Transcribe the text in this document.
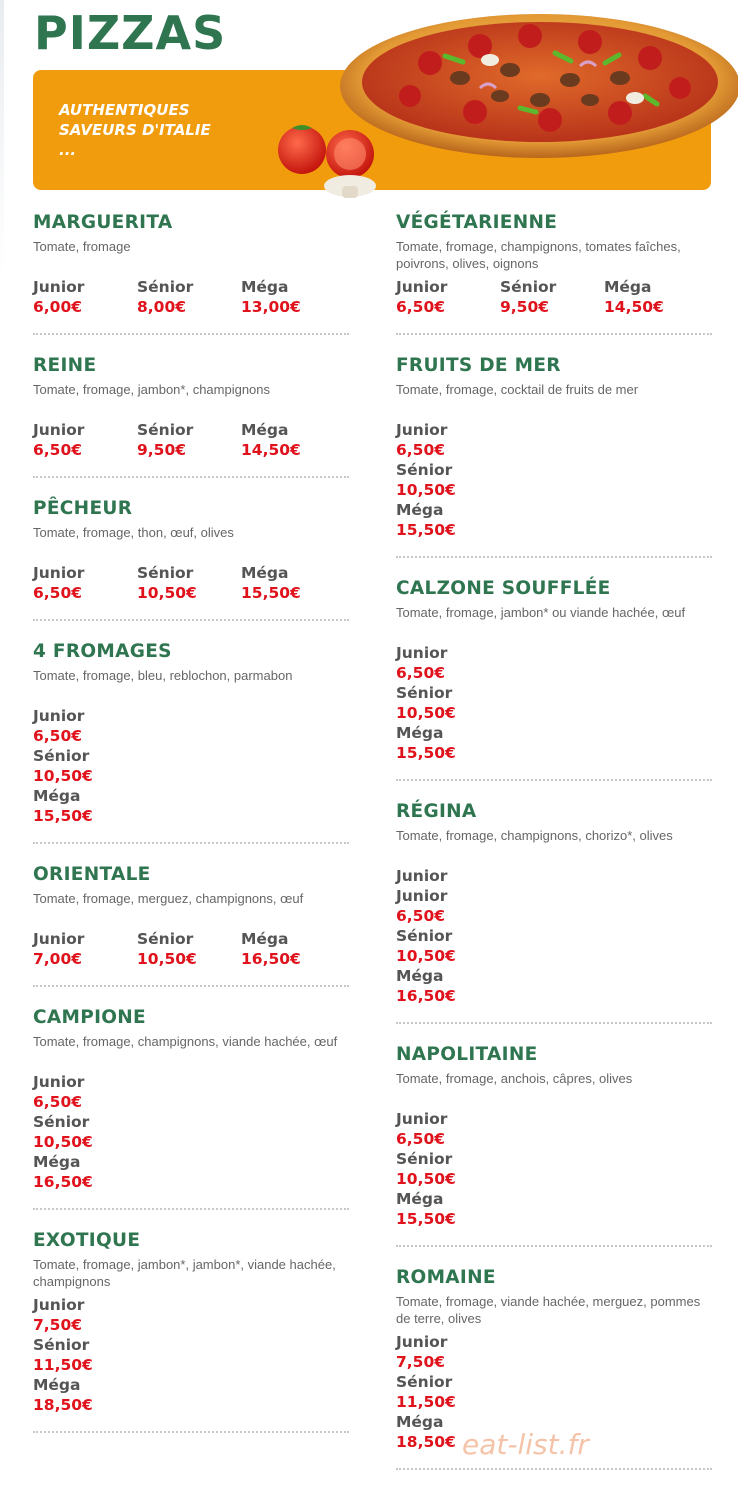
PIZZAS
AUTHENTIQUES
SAVEURS D'ITALIE
...
MARGUERITA
Tomate, fromage
Junior
6,00€
Sénior
8,00€
Méga
13,00€
REINE
Tomate, fromage, jambon*, champignons
Junior
6,50€
Sénior
9,50€
Méga
14,50€
PÊCHEUR
Tomate, fromage, thon, œuf, olives
Junior
6,50€
Sénior
10,50€
Méga
15,50€
4 FROMAGES
Tomate, fromage, bleu, reblochon, parmabon
Junior
6,50€
Sénior
10,50€
Méga
15,50€
ORIENTALE
Tomate, fromage, merguez, champignons, œuf
Junior
7,00€
Sénior
10,50€
Méga
16,50€
CAMPIONE
Tomate, fromage, champignons, viande hachée, œuf
Junior
6,50€
Sénior
10,50€
Méga
16,50€
EXOTIQUE
Tomate, fromage, jambon*, jambon*, viande hachée, champignons
Junior
7,50€
Sénior
11,50€
Méga
18,50€
VÉGÉTARIENNE
Tomate, fromage, champignons, tomates faîches, poivrons, olives, oignons
Junior
6,50€
Sénior
9,50€
Méga
14,50€
FRUITS DE MER
Tomate, fromage, cocktail de fruits de mer
Junior
6,50€
Sénior
10,50€
Méga
15,50€
CALZONE SOUFFLÉE
Tomate, fromage, jambon* ou viande hachée, œuf
Junior
6,50€
Sénior
10,50€
Méga
15,50€
RÉGINA
Tomate, fromage, champignons, chorizo*, olives
Junior
Junior
6,50€
Sénior
10,50€
Méga
16,50€
NAPOLITAINE
Tomate, fromage, anchois, câpres, olives
Junior
6,50€
Sénior
10,50€
Méga
15,50€
ROMAINE
Tomate, fromage, viande hachée, merguez, pommes de terre, olives
Junior
7,50€
Sénior
11,50€
Méga
18,50€ eat-list.fr
